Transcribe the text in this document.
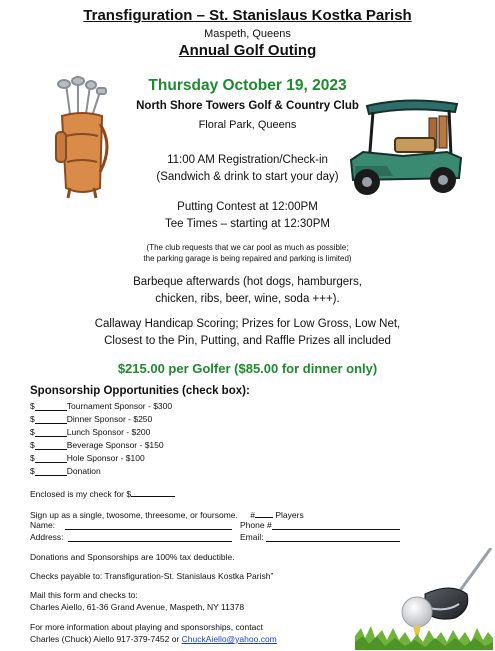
Transfiguration – St. Stanislaus Kostka Parish
Maspeth, Queens
Annual Golf Outing
Thursday October 19, 2023
North Shore Towers Golf & Country Club
Floral Park, Queens
11:00 AM Registration/Check-in
(Sandwich & drink to start your day)
Putting Contest at 12:00PM
Tee Times – starting at 12:30PM
(The club requests that we car pool as much as possible;
the parking garage is being repaired and parking is limited)
Barbeque afterwards (hot dogs, hamburgers,
chicken, ribs, beer, wine, soda +++).
Callaway Handicap Scoring; Prizes for Low Gross, Low Net,
Closest to the Pin, Putting, and Raffle Prizes all included
$215.00 per Golfer ($85.00 for dinner only)
Sponsorship Opportunities (check box):
$	Tournament Sponsor - $300
$	Dinner Sponsor - $250
$	Lunch Sponsor - $200
$	Beverage Sponsor - $150
$	Hole Sponsor - $100
$	Donation
Enclosed is my check for $
Sign up as a single, twosome, threesome, or foursome. # Players
Name:	Phone #
Address:	Email:
Donations and Sponsorships are 100% tax deductible.
Checks payable to: Transfiguration-St. Stanislaus Kostka Parish”
Mail this form and checks to:
Charles Aiello, 61-36 Grand Avenue, Maspeth, NY 11378
For more information about playing and sponsorships, contact
Charles (Chuck) Aiello 917-379-7452 or ChuckAiello@yahoo.com
